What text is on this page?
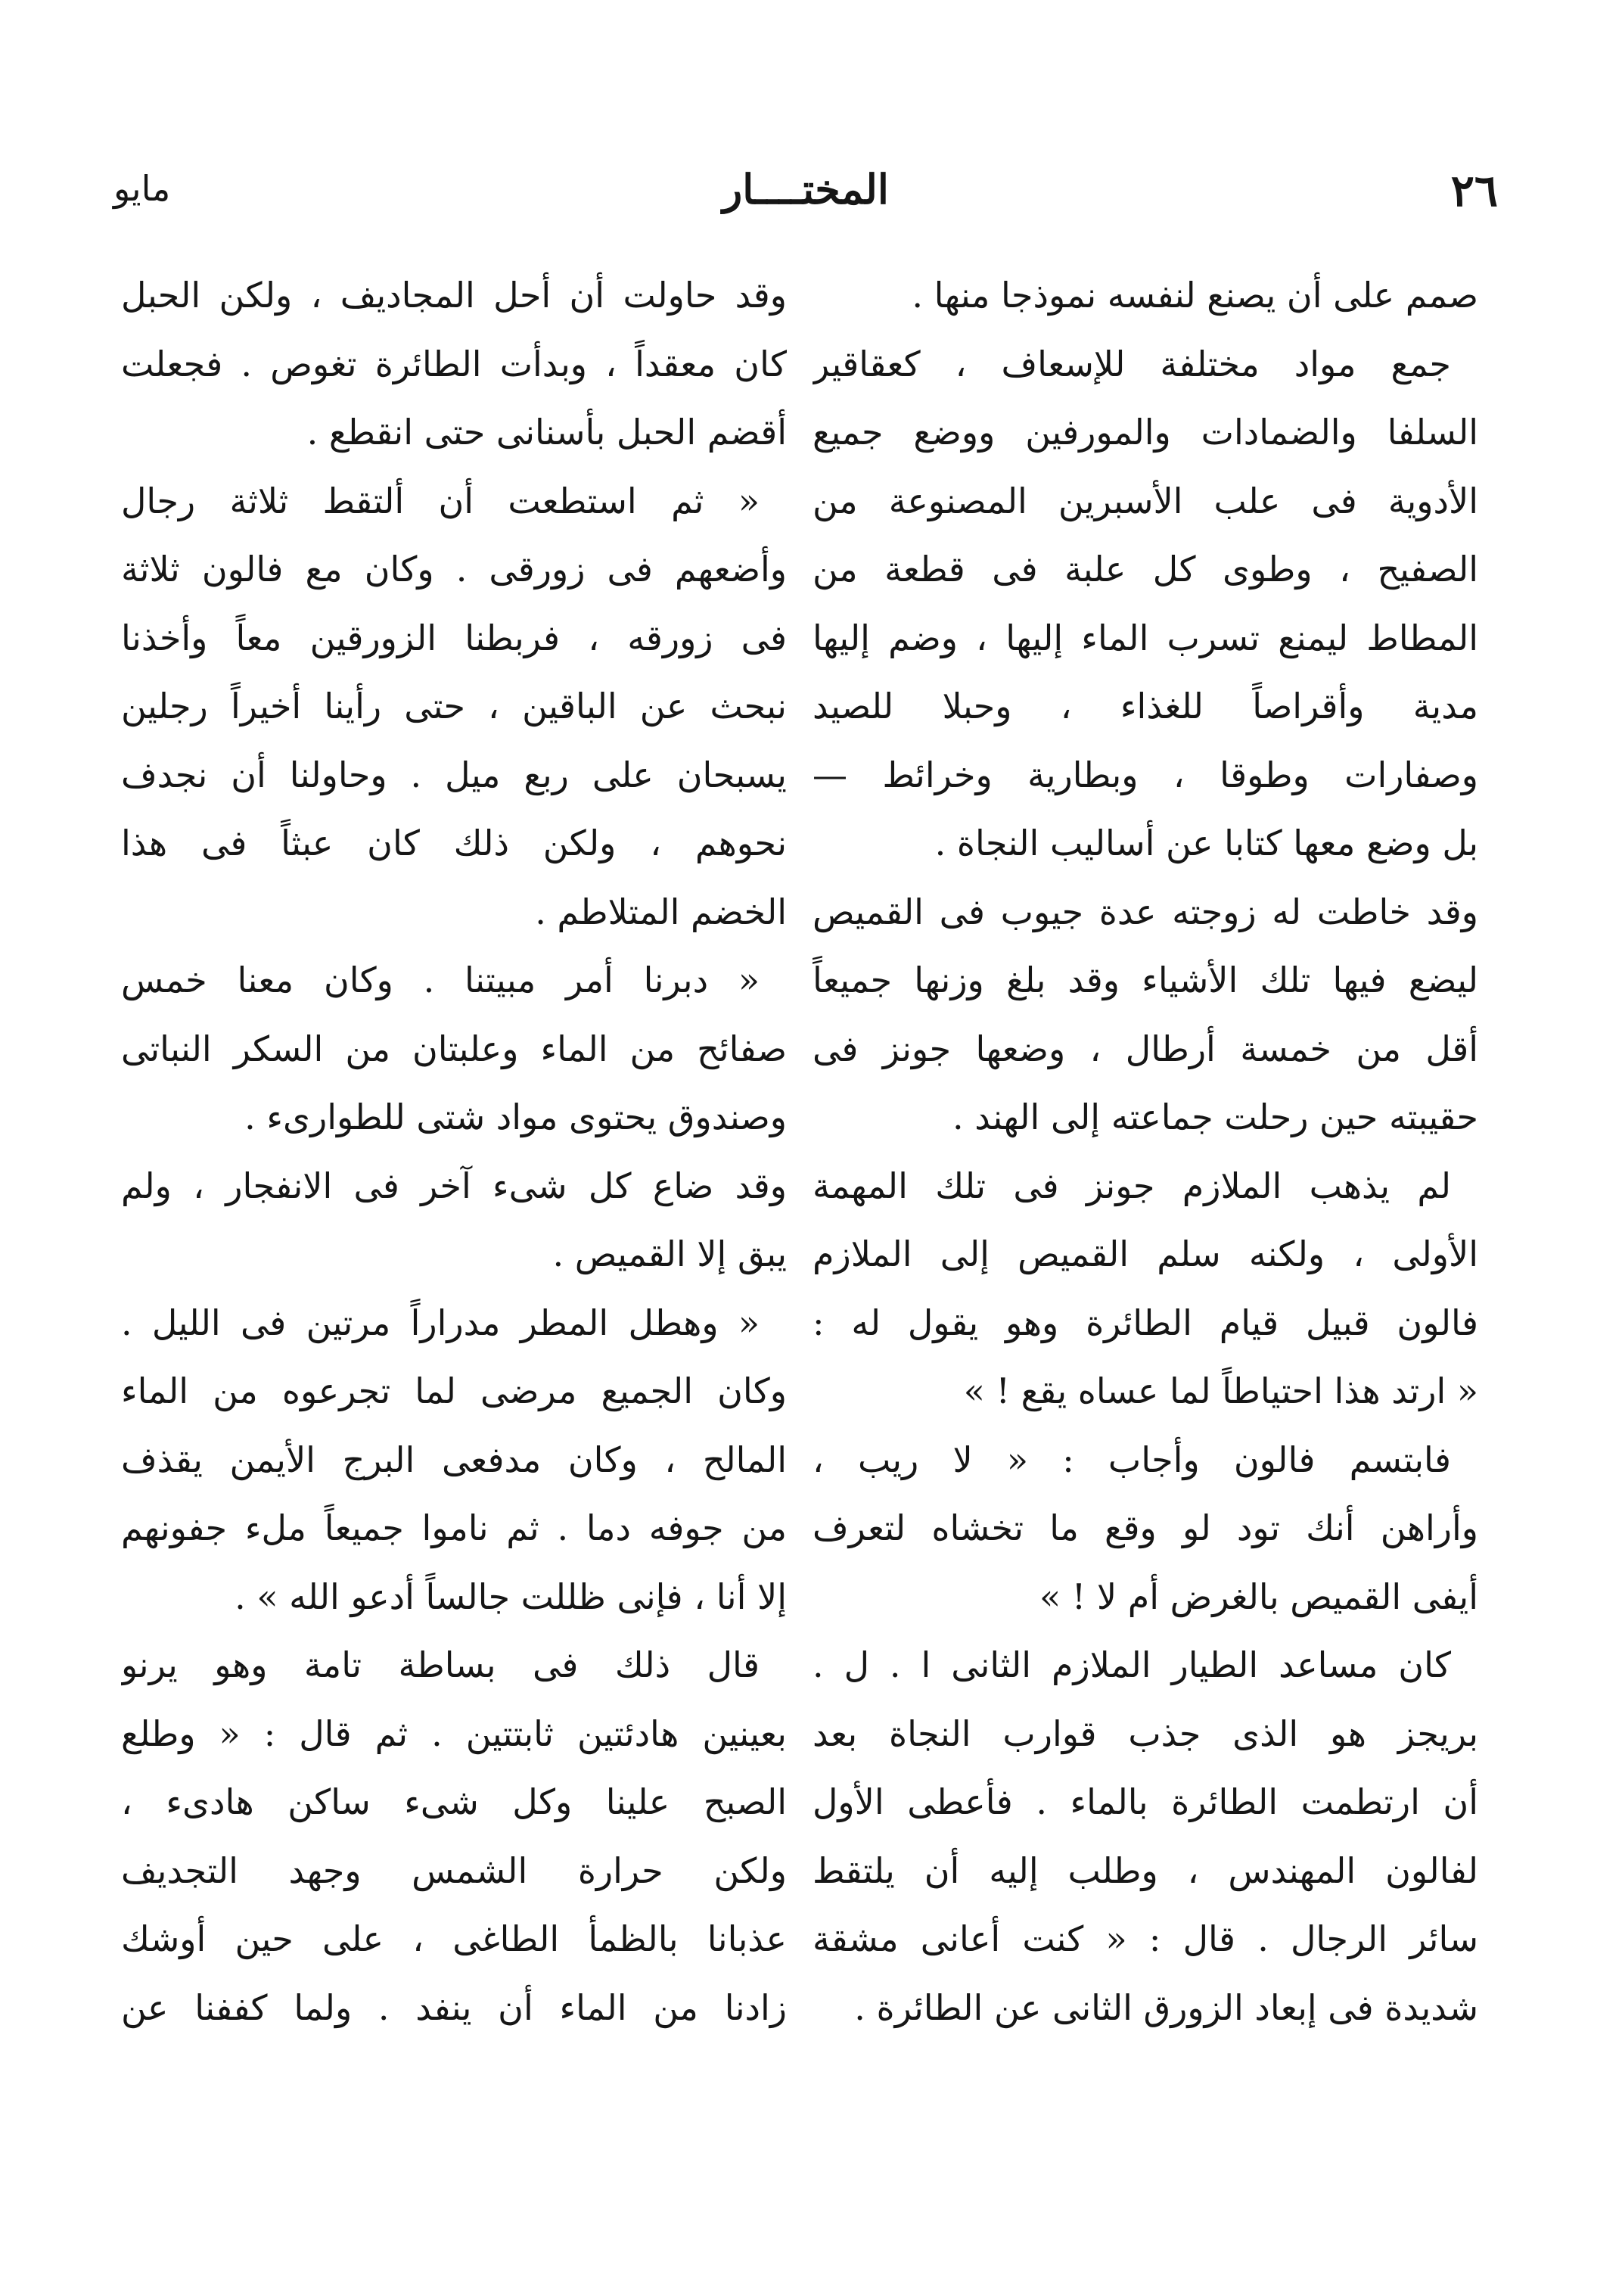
٢٦
المختــــار
مايو
صمم على أن يصنع لنفسه نموذجا منها .
جمع مواد مختلفة للإسعاف ، كعقاقير
السلفا والضمادات والمورفين ووضع جميع
الأدوية فى علب الأسبرين المصنوعة من
الصفيح ، وطوى كل علبة فى قطعة من
المطاط ليمنع تسرب الماء إليها ، وضم إليها
مدية وأقراصاً للغذاء ، وحبلا للصيد
وصفارات وطوقا ، وبطارية وخرائط —
بل وضع معها كتابا عن أساليب النجاة .
وقد خاطت له زوجته عدة جيوب فى القميص
ليضع فيها تلك الأشياء وقد بلغ وزنها جميعاً
أقل من خمسة أرطال ، وضعها جونز فى
حقيبته حين رحلت جماعته إلى الهند .
لم يذهب الملازم جونز فى تلك المهمة
الأولى ، ولكنه سلم القميص إلى الملازم
فالون قبيل قيام الطائرة وهو يقول له :
« ارتد هذا احتياطاً لما عساه يقع ! »
فابتسم فالون وأجاب : « لا ريب ،
وأراهن أنك تود لو وقع ما تخشاه لتعرف
أيفى القميص بالغرض أم لا ! »
كان مساعد الطيار الملازم الثانى ا . ل .
بريجز هو الذى جذب قوارب النجاة بعد
أن ارتطمت الطائرة بالماء . فأعطى الأول
لفالون المهندس ، وطلب إليه أن يلتقط
سائر الرجال . قال : « كنت أعانى مشقة
شديدة فى إبعاد الزورق الثانى عن الطائرة .
وقد حاولت أن أحل المجاديف ، ولكن الحبل
كان معقداً ، وبدأت الطائرة تغوص . فجعلت
أقضم الحبل بأسنانى حتى انقطع .
« ثم استطعت أن ألتقط ثلاثة رجال
وأضعهم فى زورقى . وكان مع فالون ثلاثة
فى زورقه ، فربطنا الزورقين معاً وأخذنا
نبحث عن الباقين ، حتى رأينا أخيراً رجلين
يسبحان على ربع ميل . وحاولنا أن نجدف
نحوهم ، ولكن ذلك كان عبثاً فى هذا
الخضم المتلاطم .
« دبرنا أمر مبيتنا . وكان معنا خمس
صفائح من الماء وعلبتان من السكر النباتى
وصندوق يحتوى مواد شتى للطوارىء .
وقد ضاع كل شىء آخر فى الانفجار ، ولم
يبق إلا القميص .
« وهطل المطر مدراراً مرتين فى الليل .
وكان الجميع مرضى لما تجرعوه من الماء
المالح ، وكان مدفعى البرج الأيمن يقذف
من جوفه دما . ثم ناموا جميعاً ملء جفونهم
إلا أنا ، فإنى ظللت جالساً أدعو الله » .
قال ذلك فى بساطة تامة وهو يرنو
بعينين هادئتين ثابتتين . ثم قال : « وطلع
الصبح علينا وكل شىء ساكن هادىء ،
ولكن حرارة الشمس وجهد التجديف
عذبانا بالظمأ الطاغى ، على حين أوشك
زادنا من الماء أن ينفد . ولما كففنا عن
